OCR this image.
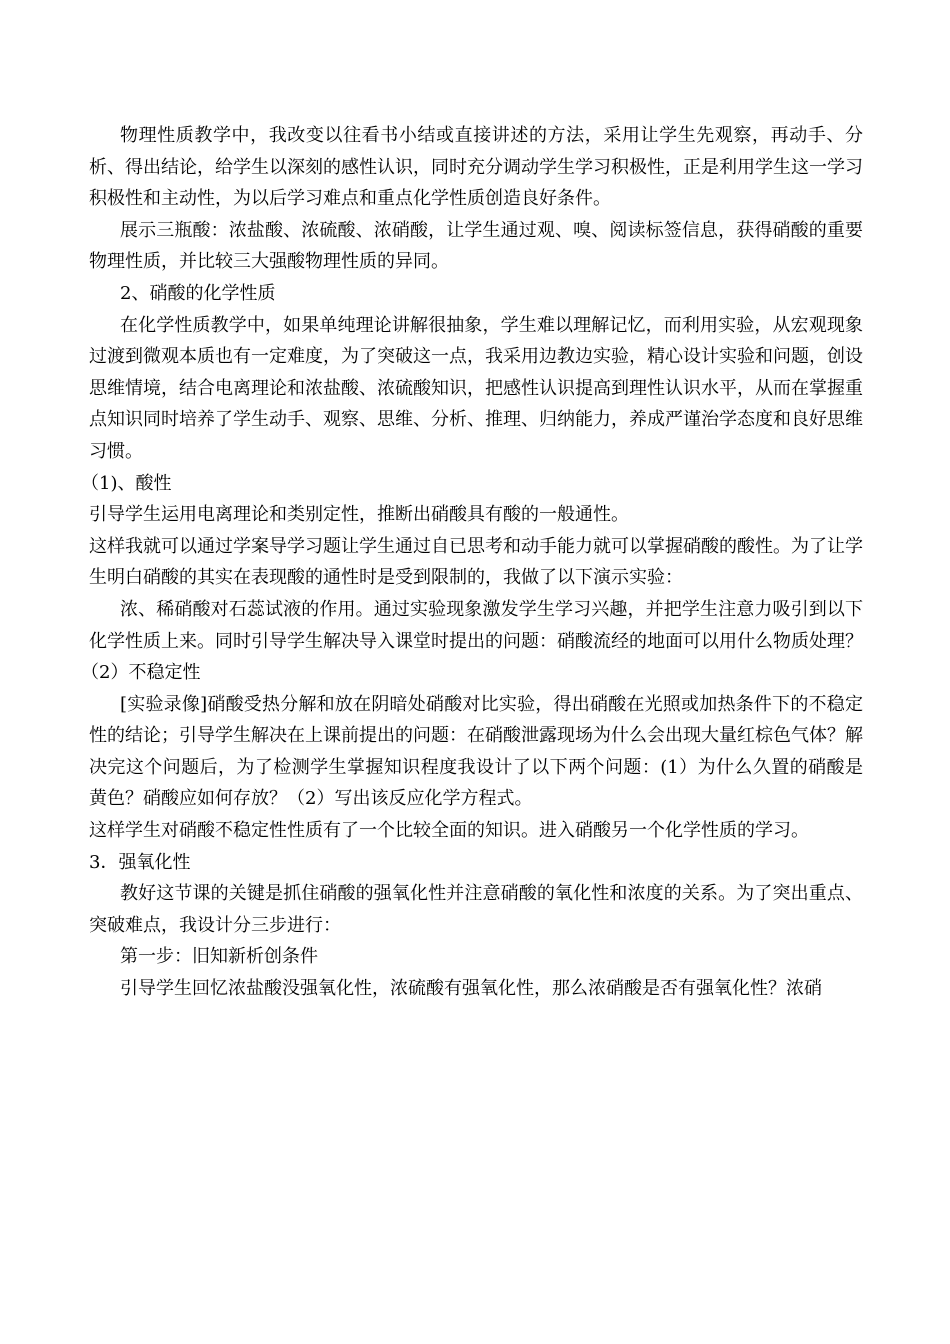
物理性质教学中，我改变以往看书小结或直接讲述的方法，采用让学生先观察，再动手、分析、得出结论，给学生以深刻的感性认识，同时充分调动学生学习积极性，正是利用学生这一学习积极性和主动性，为以后学习难点和重点化学性质创造良好条件。

展示三瓶酸：浓盐酸、浓硫酸、浓硝酸，让学生通过观、嗅、阅读标签信息，获得硝酸的重要物理性质，并比较三大强酸物理性质的异同。

2、硝酸的化学性质

在化学性质教学中，如果单纯理论讲解很抽象，学生难以理解记忆，而利用实验，从宏观现象过渡到微观本质也有一定难度，为了突破这一点，我采用边教边实验，精心设计实验和问题，创设思维情境，结合电离理论和浓盐酸、浓硫酸知识，把感性认识提高到理性认识水平，从而在掌握重点知识同时培养了学生动手、观察、思维、分析、推理、归纳能力，养成严谨治学态度和良好思维习惯。

（1)、酸性

引导学生运用电离理论和类别定性，推断出硝酸具有酸的一般通性。

这样我就可以通过学案导学习题让学生通过自已思考和动手能力就可以掌握硝酸的酸性。为了让学生明白硝酸的其实在表现酸的通性时是受到限制的，我做了以下演示实验：

浓、稀硝酸对石蕊试液的作用。通过实验现象激发学生学习兴趣，并把学生注意力吸引到以下化学性质上来。同时引导学生解决导入课堂时提出的问题：硝酸流经的地面可以用什么物质处理？

（2）不稳定性

[实验录像]硝酸受热分解和放在阴暗处硝酸对比实验，得出硝酸在光照或加热条件下的不稳定性的结论；引导学生解决在上课前提出的问题：在硝酸泄露现场为什么会出现大量红棕色气体？解决完这个问题后，为了检测学生掌握知识程度我设计了以下两个问题：(1）为什么久置的硝酸是黄色？硝酸应如何存放？（2）写出该反应化学方程式。

这样学生对硝酸不稳定性性质有了一个比较全面的知识。进入硝酸另一个化学性质的学习。

3．强氧化性

教好这节课的关键是抓住硝酸的强氧化性并注意硝酸的氧化性和浓度的关系。为了突出重点、突破难点，我设计分三步进行：

第一步：旧知新析创条件

引导学生回忆浓盐酸没强氧化性，浓硫酸有强氧化性，那么浓硝酸是否有强氧化性？浓硝
